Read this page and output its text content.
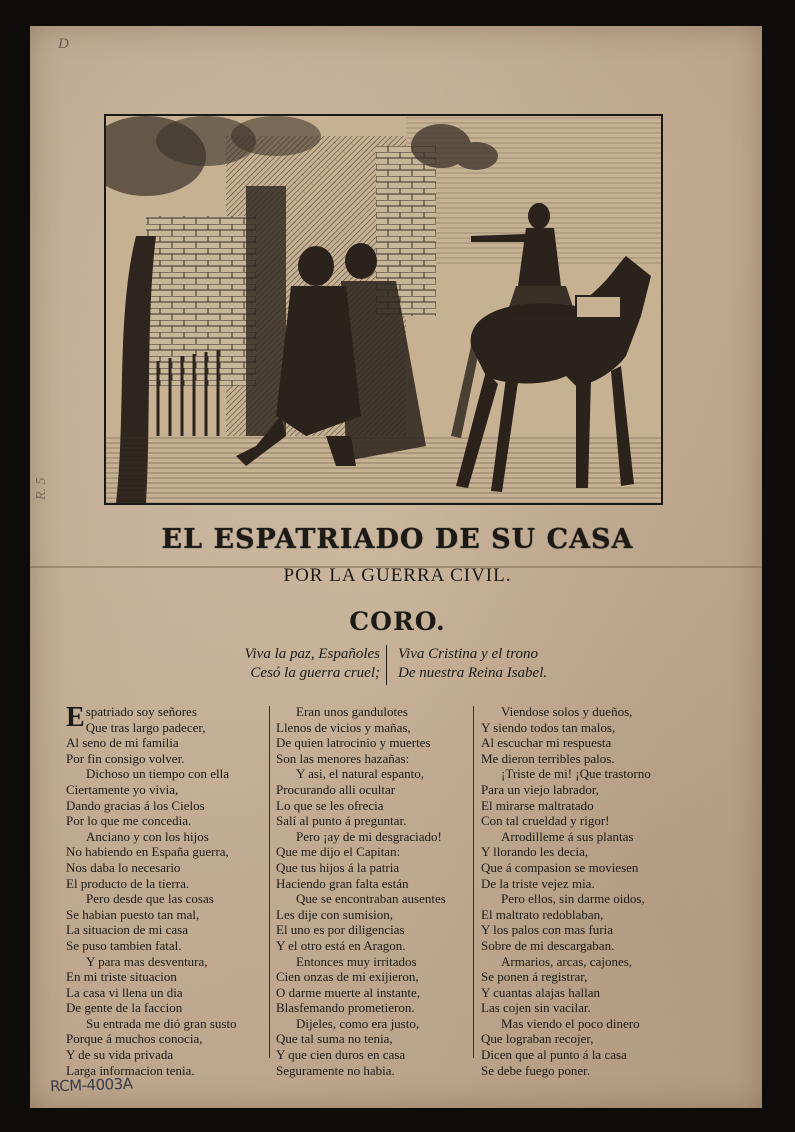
D
R. 5
EL ESPATRIADO DE SU CASA
POR LA GUERRA CIVIL.
CORO.
Viva la paz, Españoles
Cesó la guerra cruel;
Viva Cristina y el trono
De nuestra Reina Isabel.
Espatriado soy señores
Que tras largo padecer,
Al seno de mi familia
Por fin consigo volver.
Dichoso un tiempo con ella
Ciertamente yo vivia,
Dando gracias á los Cielos
Por lo que me concedia.
Anciano y con los hijos
No habiendo en España guerra,
Nos daba lo necesario
El producto de la tierra.
Pero desde que las cosas
Se habian puesto tan mal,
La situacion de mi casa
Se puso tambien fatal.
Y para mas desventura,
En mi triste situacion
La casa vi llena un dia
De gente de la faccion
Su entrada me dió gran susto
Porque á muchos conocia,
Y de su vida privada
Larga informacion tenia.
Eran unos gandulotes
Llenos de vicios y mañas,
De quien latrocinio y muertes
Son las menores hazañas:
Y asi, el natural espanto,
Procurando alli ocultar
Lo que se les ofrecia
Salí al punto á preguntar.
Pero ¡ay de mi desgraciado!
Que me dijo el Capitan:
Que tus hijos á la patria
Haciendo gran falta están
Que se encontraban ausentes
Les dije con sumision,
El uno es por diligencias
Y el otro está en Aragon.
Entonces muy irritados
Cien onzas de mi exijieron,
O darme muerte al instante,
Blasfemando prometieron.
Dijeles, como era justo,
Que tal suma no tenia,
Y que cien duros en casa
Seguramente no habia.
Viendose solos y dueños,
Y siendo todos tan malos,
Al escuchar mi respuesta
Me dieron terribles palos.
¡Triste de mi! ¡Que trastorno
Para un viejo labrador,
El mirarse maltratado
Con tal crueldad y rigor!
Arrodilleme á sus plantas
Y llorando les decia,
Que á compasion se moviesen
De la triste vejez mia.
Pero ellos, sin darme oidos,
El maltrato redoblaban,
Y los palos con mas furia
Sobre de mi descargaban.
Armarios, arcas, cajones,
Se ponen á registrar,
Y cuantas alajas hallan
Las cojen sin vacilar.
Mas viendo el poco dinero
Que lograban recojer,
Dicen que al punto á la casa
Se debe fuego poner.
RCM-4003A
